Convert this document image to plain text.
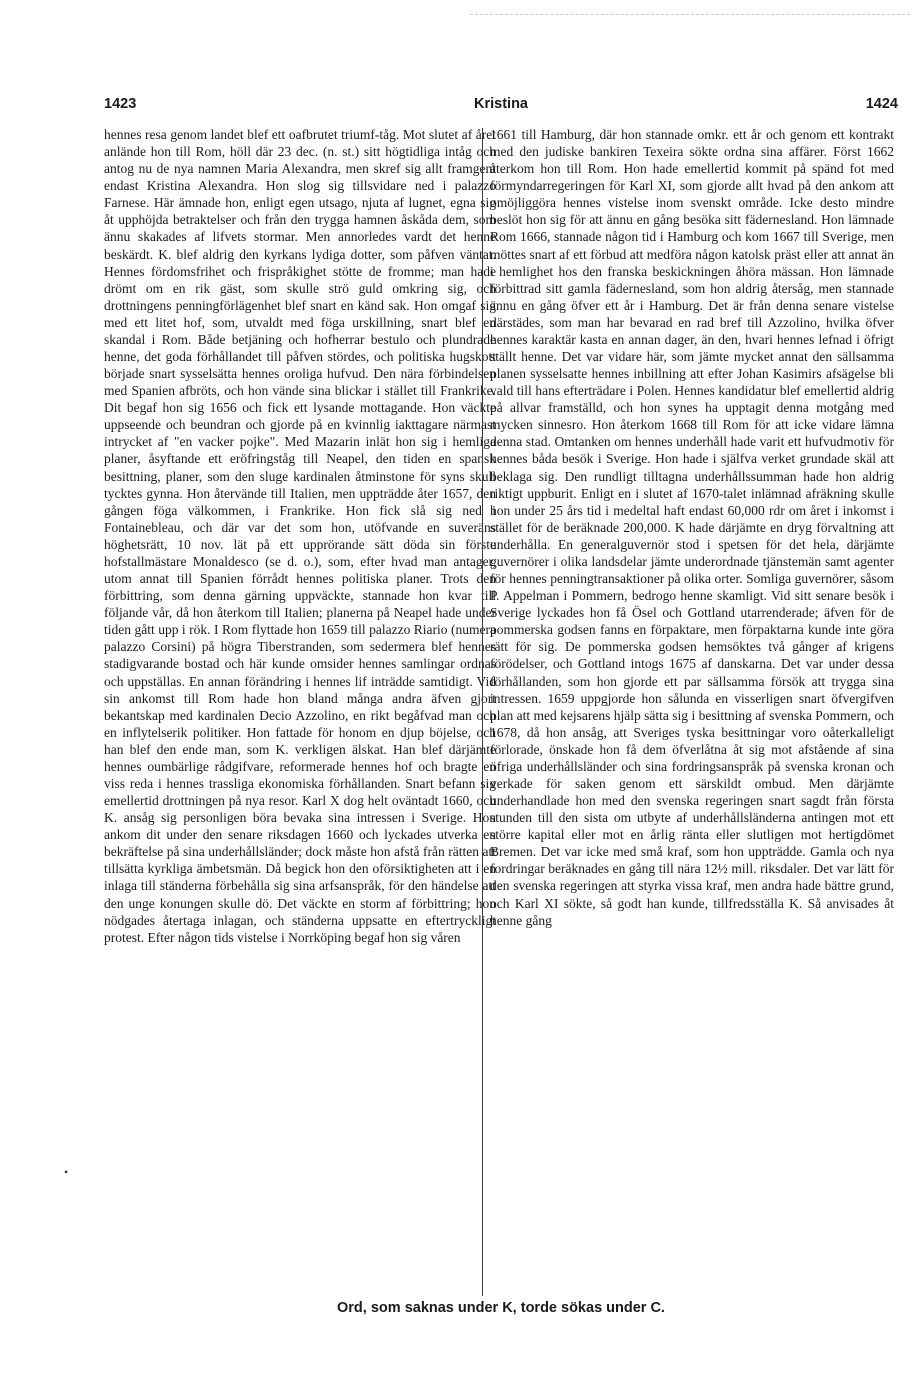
1423	Kristina	1424

hennes resa genom landet blef ett oafbrutet triumf-tåg. Mot slutet af året anlände hon till Rom, höll där 23 dec. (n. st.) sitt högtidliga intåg och antog nu de nya namnen Maria Alexandra, men skref sig allt framgent endast Kristina Alexandra. Hon slog sig tillsvidare ned i palazzo Farnese. Här ämnade hon, enligt egen utsago, njuta af lugnet, egna sig åt upphöjda betraktelser och från den trygga hamnen åskåda dem, som ännu skakades af lifvets stormar. Men annorledes vardt det henne beskärdt. K. blef aldrig den kyrkans lydiga dotter, som påfven väntat. Hennes fördomsfrihet och frispråkighet stötte de fromme; man hade drömt om en rik gäst, som skulle strö guld omkring sig, och drottningens penningförlägenhet blef snart en känd sak. Hon omgaf sig med ett litet hof, som, utvaldt med föga urskillning, snart blef en skandal i Rom. Både betjäning och hofherrar bestulo och plundrade henne, det goda förhållandet till påfven stördes, och politiska hugskott började snart sysselsätta hennes oroliga hufvud. Den nära förbindelsen med Spanien afbröts, och hon vände sina blickar i stället till Frankrike. Dit begaf hon sig 1656 och fick ett lysande mottagande. Hon väckte uppseende och beundran och gjorde på en kvinnlig iakttagare närmast intrycket af "en vacker pojke". Med Mazarin inlät hon sig i hemliga planer, åsyftande ett eröfringståg till Neapel, den tiden en spansk besittning, planer, som den sluge kardinalen åtminstone för syns skull tycktes gynna. Hon återvände till Italien, men uppträdde åter 1657, den gången föga välkommen, i Frankrike. Hon fick slå sig ned i Fontainebleau, och där var det som hon, utöfvande en suveräns höghetsrätt, 10 nov. lät på ett upprörande sätt döda sin förste hofstallmästare Monaldesco (se d. o.), som, efter hvad man antager, utom annat till Spanien förrådt hennes politiska planer. Trots den förbittring, som denna gärning uppväckte, stannade hon kvar till följande vår, då hon återkom till Italien; planerna på Neapel hade under tiden gått upp i rök. I Rom flyttade hon 1659 till palazzo Riario (numera palazzo Corsini) på högra Tiberstranden, som sedermera blef hennes stadigvarande bostad och här kunde omsider hennes samlingar ordnas och uppställas. En annan förändring i hennes lif inträdde samtidigt. Vid sin ankomst till Rom hade hon bland många andra äfven gjort bekantskap med kardinalen Decio Azzolino, en rikt begåfvad man och en inflytelserik politiker. Hon fattade för honom en djup böjelse, och han blef den ende man, som K. verkligen älskat. Han blef därjämte hennes oumbärlige rådgifvare, reformerade hennes hof och bragte en viss reda i hennes trassliga ekonomiska förhållanden. Snart befann sig emellertid drottningen på nya resor. Karl X dog helt oväntadt 1660, och K. ansåg sig personligen böra bevaka sina intressen i Sverige. Hon ankom dit under den senare riksdagen 1660 och lyckades utverka en bekräftelse på sina underhållsländer; dock måste hon afstå från rätten att tillsätta kyrkliga ämbetsmän. Då begick hon den oförsiktigheten att i en inlaga till ständerna förbehålla sig sina arfsanspråk, för den händelse att den unge konungen skulle dö. Det väckte en storm af förbittring; hon nödgades återtaga inlagan, och ständerna uppsatte en eftertryckligt protest. Efter någon tids vistelse i Norrköping begaf hon sig våren

1661 till Hamburg, där hon stannade omkr. ett år och genom ett kontrakt med den judiske bankiren Texeira sökte ordna sina affärer. Först 1662 återkom hon till Rom. Hon hade emellertid kommit på spänd fot med förmyndarregeringen för Karl XI, som gjorde allt hvad på den ankom att omöjliggöra hennes vistelse inom svenskt område. Icke desto mindre beslöt hon sig för att ännu en gång besöka sitt fädernesland. Hon lämnade Rom 1666, stannade någon tid i Hamburg och kom 1667 till Sverige, men möttes snart af ett förbud att medföra någon katolsk präst eller att annat än i hemlighet hos den franska beskickningen åhöra mässan. Hon lämnade förbittrad sitt gamla fädernesland, som hon aldrig återsåg, men stannade ännu en gång öfver ett år i Hamburg. Det är från denna senare vistelse därstädes, som man har bevarad en rad bref till Azzolino, hvilka öfver hennes karaktär kasta en annan dager, än den, hvari hennes lefnad i öfrigt ställt henne. Det var vidare här, som jämte mycket annat den sällsamma planen sysselsatte hennes inbillning att efter Johan Kasimirs afsägelse bli vald till hans efterträdare i Polen. Hennes kandidatur blef emellertid aldrig på allvar framställd, och hon synes ha upptagit denna motgång med mycken sinnesro. Hon återkom 1668 till Rom för att icke vidare lämna denna stad. Omtanken om hennes underhåll hade varit ett hufvudmotiv för hennes båda besök i Sverige. Hon hade i själfva verket grundade skäl att beklaga sig. Den rundligt tilltagna underhållssumman hade hon aldrig riktigt uppburit. Enligt en i slutet af 1670-talet inlämnad afräkning skulle hon under 25 års tid i medeltal haft endast 60,000 rdr om året i inkomst i stället för de beräknade 200,000. K hade därjämte en dryg förvaltning att underhålla. En generalguvernör stod i spetsen för det hela, därjämte guvernörer i olika landsdelar jämte underordnade tjänstemän samt agenter för hennes penningtransaktioner på olika orter. Somliga guvernörer, såsom P. Appelman i Pommern, bedrogo henne skamligt. Vid sitt senare besök i Sverige lyckades hon få Ösel och Gottland utarrenderade; äfven för de pommerska godsen fanns en förpaktare, men förpaktarna kunde inte göra rätt för sig. De pommerska godsen hemsöktes två gånger af krigens förödelser, och Gottland intogs 1675 af danskarna. Det var under dessa förhållanden, som hon gjorde ett par sällsamma försök att trygga sina intressen. 1659 uppgjorde hon sålunda en visserligen snart öfvergifven plan att med kejsarens hjälp sätta sig i besittning af svenska Pommern, och 1678, då hon ansåg, att Sveriges tyska besittningar voro oåterkalleligt förlorade, önskade hon få dem öfverlåtna åt sig mot afstående af sina öfriga underhållsländer och sina fordringsanspråk på svenska kronan och verkade för saken genom ett särskildt ombud. Men därjämte underhandlade hon med den svenska regeringen snart sagdt från första stunden till den sista om utbyte af underhållsländerna antingen mot ett större kapital eller mot en årlig ränta eller slutligen mot hertigdömet Bremen. Det var icke med små kraf, som hon uppträdde. Gamla och nya fordringar beräknades en gång till nära 12½ mill. riksdaler. Det var lätt för den svenska regeringen att styrka vissa kraf, men andra hade bättre grund, och Karl XI sökte, så godt han kunde, tillfredsställa K. Så anvisades åt henne gång

•
Ord, som saknas under K, torde sökas under C.
